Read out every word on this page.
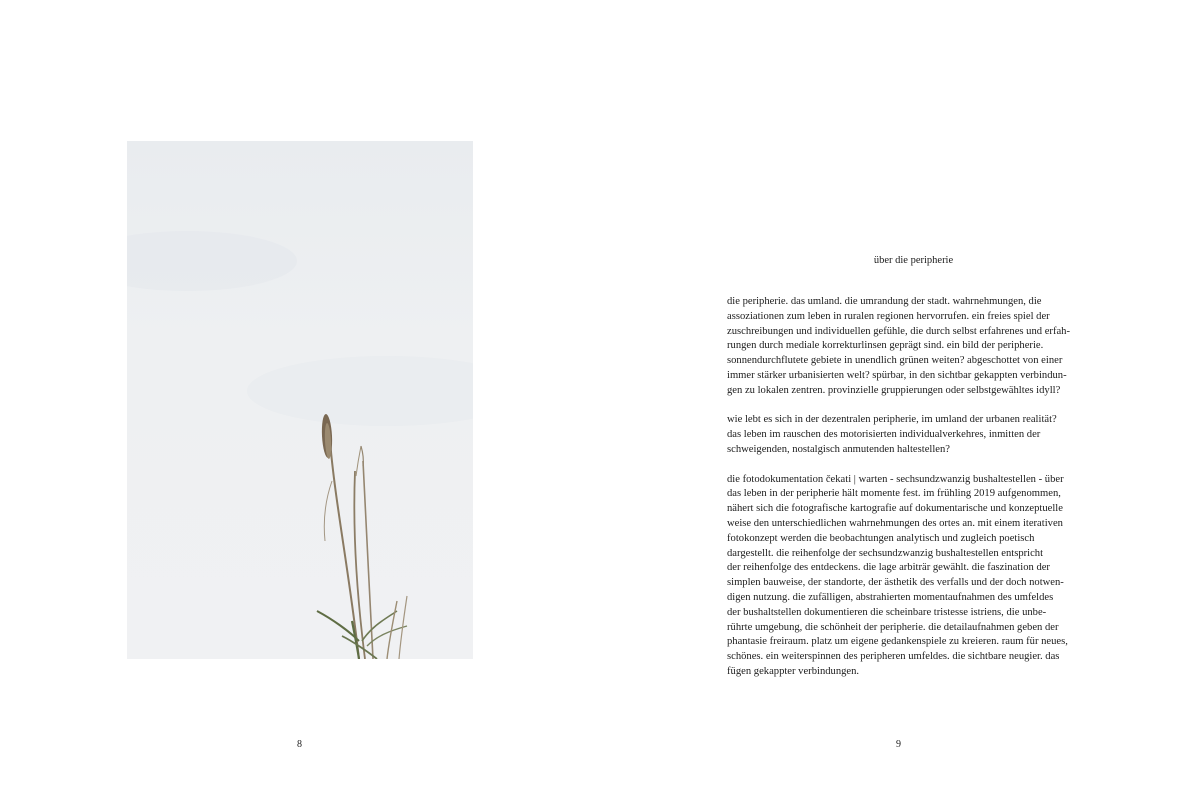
8
über die peripherie

die peripherie. das umland. die umrandung der stadt. wahrnehmungen, die
assoziationen zum leben in ruralen regionen hervorrufen. ein freies spiel der
zuschreibungen und individuellen gefühle, die durch selbst erfahrenes und erfah-
rungen durch mediale korrekturlinsen geprägt sind. ein bild der peripherie.
sonnendurchflutete gebiete in unendlich grünen weiten? abgeschottet von einer
immer stärker urbanisierten welt? spürbar, in den sichtbar gekappten verbindun-
gen zu lokalen zentren. provinzielle gruppierungen oder selbstgewähltes idyll?

wie lebt es sich in der dezentralen peripherie, im umland der urbanen realität?
das leben im rauschen des motorisierten individualverkehres, inmitten der
schweigenden, nostalgisch anmutenden haltestellen?

die fotodokumentation čekati | warten - sechsundzwanzig bushaltestellen - über
das leben in der peripherie hält momente fest. im frühling 2019 aufgenommen,
nähert sich die fotografische kartografie auf dokumentarische und konzeptuelle
weise den unterschiedlichen wahrnehmungen des ortes an. mit einem iterativen
fotokonzept werden die beobachtungen analytisch und zugleich poetisch
dargestellt. die reihenfolge der sechsundzwanzig bushaltestellen entspricht
der reihenfolge des entdeckens. die lage arbiträr gewählt. die faszination der
simplen bauweise, der standorte, der ästhetik des verfalls und der doch notwen-
digen nutzung. die zufälligen, abstrahierten momentaufnahmen des umfeldes
der bushaltstellen dokumentieren die scheinbare tristesse istriens, die unbe-
rührte umgebung, die schönheit der peripherie. die detailaufnahmen geben der
phantasie freiraum. platz um eigene gedankenspiele zu kreieren. raum für neues,
schönes. ein weiterspinnen des peripheren umfeldes. die sichtbare neugier. das
fügen gekappter verbindungen.

9
